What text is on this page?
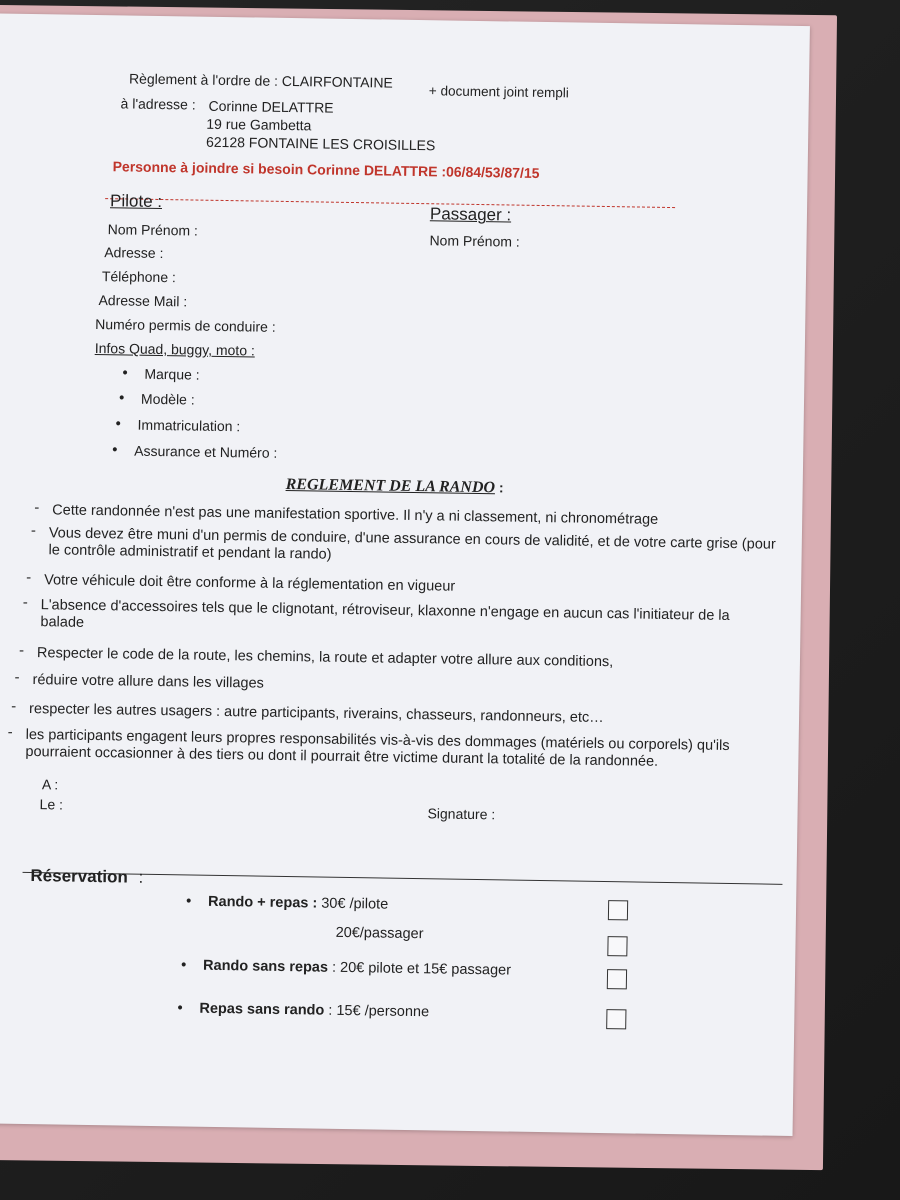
Règlement à l'ordre de : CLAIRFONTAINE
+ document joint rempli
à l'adresse : Corinne DELATTRE
19 rue Gambetta
62128 FONTAINE LES CROISILLES
Personne à joindre si besoin Corinne DELATTRE :06/84/53/87/15
Pilote :
Passager :
Nom Prénom :
Nom Prénom :
Adresse :
Téléphone :
Adresse Mail :
Numéro permis de conduire :
Infos Quad, buggy, moto :
• Marque :
• Modèle :
• Immatriculation :
• Assurance et Numéro :
REGLEMENT DE LA RANDO :
- Cette randonnée n'est pas une manifestation sportive. Il n'y a ni classement, ni chronométrage
- Vous devez être muni d'un permis de conduire, d'une assurance en cours de validité, et de votre carte grise (pour le contrôle administratif et pendant la rando)
- Votre véhicule doit être conforme à la réglementation en vigueur
- L'absence d'accessoires tels que le clignotant, rétroviseur, klaxonne n'engage en aucun cas l'initiateur de la balade
- Respecter le code de la route, les chemins, la route et adapter votre allure aux conditions,
- réduire votre allure dans les villages
- respecter les autres usagers : autre participants, riverains, chasseurs, randonneurs, etc…
- les participants engagent leurs propres responsabilités vis-à-vis des dommages (matériels ou corporels) qu'ils pourraient occasionner à des tiers ou dont il pourrait être victime durant la totalité de la randonnée.
A :
Le :
Signature :
Réservation :
• Rando + repas : 30€ /pilote
20€/passager
• Rando sans repas : 20€ pilote et 15€ passager
• Repas sans rando : 15€ /personne
